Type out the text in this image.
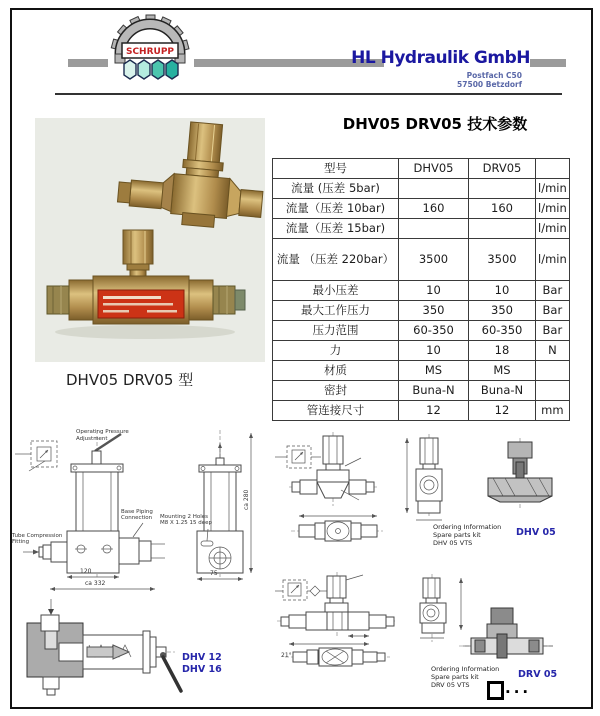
SCHRUPP	HL Hydraulik GmbH
Postfach C50
57500 Betzdorf
DHV05 DRV05 技术参数
DHV05 DRV05 型
型号	DHV05	DRV05	
流量 (压差 5bar)			l/min
流量（压差 10bar)	160	160	l/min
流量（压差 15bar)			l/min
流量 （压差 220bar）	3500	3500	l/min
最小压差	10	10	Bar
最大工作压力	350	350	Bar
压力范围	60-350	60-350	Bar
力	10	18	N
材质	MS	MS	
密封	Buna-N	Buna-N	
管连接尺寸	12	12	mm
Operating Pressure
Adjustment
Tube Compression
Fitting
Base Piping
Connection Mounting 2 Holes
M8 X 1.25 15 deep
120
ca 332
75
ca 280
DHV 12
DHV 16
Ordering Information
Spare parts kit
DHV 05 VTS
DHV 05
21°
Ordering Information
Spare parts kit
DRV 05 VTS
DRV 05
...
